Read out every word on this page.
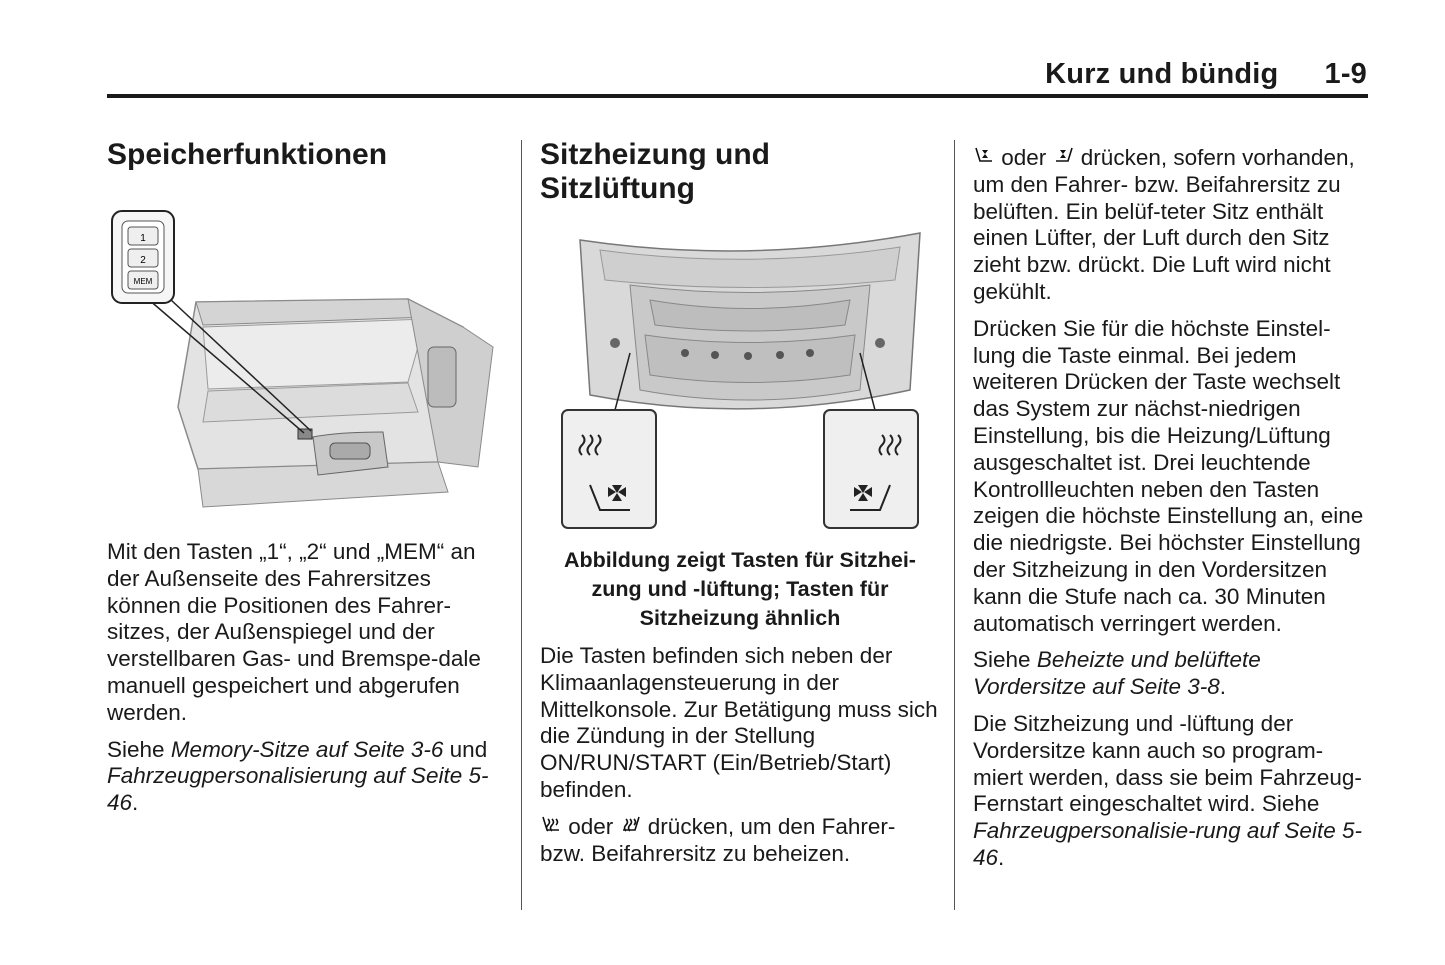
Kurz und bündig 1-9
Speicherfunktionen
1
2
MEM

Mit den Tasten „1“, „2“ und „MEM“ an der Außenseite des Fahrersitzes können die Positionen des Fahrer-sitzes, der Außenspiegel und der verstellbaren Gas- und Bremspe-dale manuell gespeichert und abgerufen werden.

Siehe Memory-Sitze auf Seite 3-6 und Fahrzeugpersonalisierung auf Seite 5-46.

Sitzheizung und
Sitzlüftung
Abbildung zeigt Tasten für Sitzhei-zung und -lüftung; Tasten für Sitzheizung ähnlich

Die Tasten befinden sich neben der Klimaanlagensteuerung in der Mittelkonsole. Zur Betätigung muss sich die Zündung in der Stellung ON/RUN/START (Ein/Betrieb/Start) befinden.

oder  drücken, um den Fahrer- bzw. Beifahrersitz zu beheizen.

oder  drücken, sofern vorhanden, um den Fahrer- bzw. Beifahrersitz zu belüften. Ein belüf-teter Sitz enthält einen Lüfter, der Luft durch den Sitz zieht bzw. drückt. Die Luft wird nicht gekühlt.

Drücken Sie für die höchste Einstel-lung die Taste einmal. Bei jedem weiteren Drücken der Taste wechselt das System zur nächst-niedrigen Einstellung, bis die Heizung/Lüftung ausgeschaltet ist. Drei leuchtende Kontrollleuchten neben den Tasten zeigen die höchste Einstellung an, eine die niedrigste. Bei höchster Einstellung der Sitzheizung in den Vordersitzen kann die Stufe nach ca. 30 Minuten automatisch verringert werden.

Siehe Beheizte und belüftete Vordersitze auf Seite 3-8.

Die Sitzheizung und -lüftung der Vordersitze kann auch so program-miert werden, dass sie beim Fahrzeug-Fernstart eingeschaltet wird. Siehe Fahrzeugpersonalisie-rung auf Seite 5-46.
